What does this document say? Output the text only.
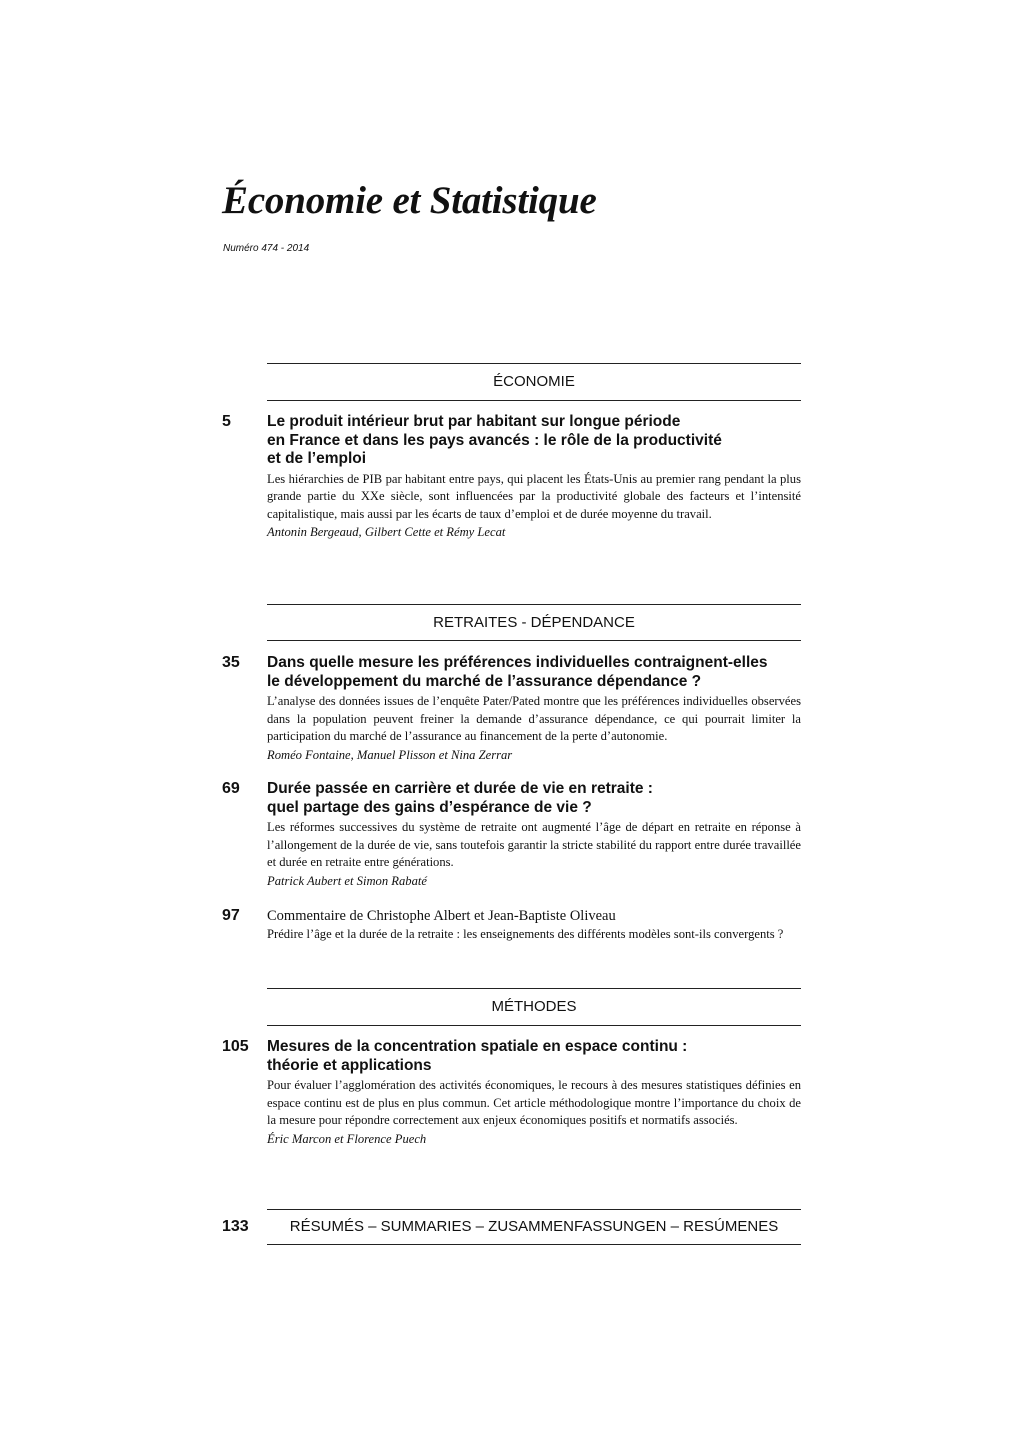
Économie et Statistique
Numéro 474 - 2014
ÉCONOMIE
5 Le produit intérieur brut par habitant sur longue période
en France et dans les pays avancés : le rôle de la productivité
et de l’emploi
Les hiérarchies de PIB par habitant entre pays, qui placent les États-Unis au premier rang pendant la plus grande partie du XXe siècle, sont influencées par la productivité globale des facteurs et l’intensité capitalistique, mais aussi par les écarts de taux d’emploi et de durée moyenne du travail.
Antonin Bergeaud, Gilbert Cette et Rémy Lecat
RETRAITES - DÉPENDANCE
35 Dans quelle mesure les préférences individuelles contraignent-elles
le développement du marché de l’assurance dépendance ?
L’analyse des données issues de l’enquête Pater/Pated montre que les préférences individuelles observées dans la population peuvent freiner la demande d’assurance dépendance, ce qui pourrait limiter la participation du marché de l’assurance au financement de la perte d’autonomie.
Roméo Fontaine, Manuel Plisson et Nina Zerrar
69 Durée passée en carrière et durée de vie en retraite :
quel partage des gains d’espérance de vie ?
Les réformes successives du système de retraite ont augmenté l’âge de départ en retraite en réponse à l’allongement de la durée de vie, sans toutefois garantir la stricte stabilité du rapport entre durée travaillée et durée en retraite entre générations.
Patrick Aubert et Simon Rabaté
97 Commentaire de Christophe Albert et Jean-Baptiste Oliveau
Prédire l’âge et la durée de la retraite : les enseignements des différents modèles sont-ils convergents ?
MÉTHODES
105 Mesures de la concentration spatiale en espace continu :
théorie et applications
Pour évaluer l’agglomération des activités économiques, le recours à des mesures statistiques définies en espace continu est de plus en plus commun. Cet article méthodologique montre l’importance du choix de la mesure pour répondre correctement aux enjeux économiques positifs et normatifs associés.
Éric Marcon et Florence Puech
133	RÉSUMÉS – SUMMARIES – ZUSAMMENFASSUNGEN – RESÚMENES
